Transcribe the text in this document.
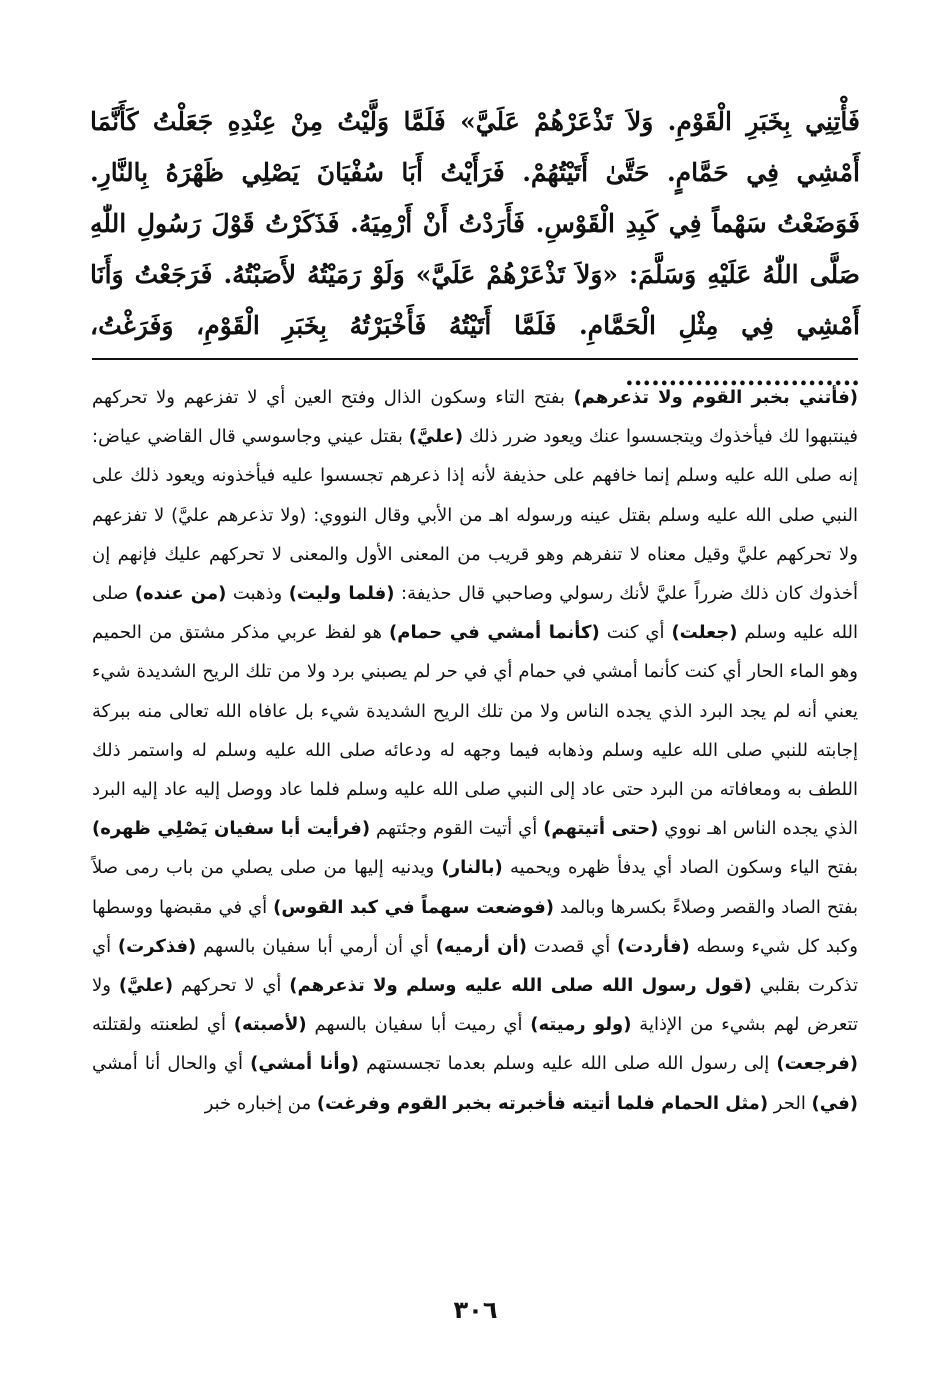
فَأْتِنِي بِخَبَرِ الْقَوْمِ. وَلاَ تَذْعَرْهُمْ عَلَيَّ» فَلَمَّا وَلَّيْتُ مِنْ عِنْدِهِ جَعَلْتُ كَأَنَّمَا أَمْشِي فِي حَمَّامٍ. حَتَّىٰ أَتَيْتُهُمْ. فَرَأَيْتُ أَبَا سُفْيَانَ يَصْلِي ظَهْرَهُ بِالنَّارِ. فَوَضَعْتُ سَهْماً فِي كَبِدِ الْقَوْسِ. فَأَرَدْتُ أَنْ أَرْمِيَهُ. فَذَكَرْتُ قَوْلَ رَسُولِ اللّٰهِ صَلَّى اللّٰهُ عَلَيْهِ وَسَلَّمَ: «وَلاَ تَذْعَرْهُمْ عَلَيَّ» وَلَوْ رَمَيْتُهُ لأَصَبْتُهُ. فَرَجَعْتُ وَأَنَا أَمْشِي فِي مِثْلِ الْحَمَّامِ. فَلَمَّا أَتَيْتُهُ فَأَخْبَرْتُهُ بِخَبَرِ الْقَوْمِ، وَفَرَغْتُ، ...........................

(فأتني بخبر القوم ولا تذعرهم) بفتح التاء وسكون الذال وفتح العين أي لا تفزعهم ولا تحركهم فينتبهوا لك فيأخذوك ويتجسسوا عنك ويعود ضرر ذلك (عليَّ) بقتل عيني وجاسوسي قال القاضي عياض: إنه صلى الله عليه وسلم إنما خافهم على حذيفة لأنه إذا ذعرهم تجسسوا عليه فيأخذونه ويعود ذلك على النبي صلى الله عليه وسلم بقتل عينه ورسوله اهـ من الأبي وقال النووي: (ولا تذعرهم عليَّ) لا تفزعهم ولا تحركهم عليَّ وقيل معناه لا تنفرهم وهو قريب من المعنى الأول والمعنى لا تحركهم عليك فإنهم إن أخذوك كان ذلك ضرراً عليَّ لأنك رسولي وصاحبي قال حذيفة: (فلما وليت) وذهبت (من عنده) صلى الله عليه وسلم (جعلت) أي كنت (كأنما أمشي في حمام) هو لفظ عربي مذكر مشتق من الحميم وهو الماء الحار أي كنت كأنما أمشي في حمام أي في حر لم يصبني برد ولا من تلك الريح الشديدة شيء يعني أنه لم يجد البرد الذي يجده الناس ولا من تلك الريح الشديدة شيء بل عافاه الله تعالى منه ببركة إجابته للنبي صلى الله عليه وسلم وذهابه فيما وجهه له ودعائه صلى الله عليه وسلم له واستمر ذلك اللطف به ومعافاته من البرد حتى عاد إلى النبي صلى الله عليه وسلم فلما عاد ووصل إليه عاد إليه البرد الذي يجده الناس اهـ نووي (حتى أتيتهم) أي أتيت القوم وجئتهم (فرأيت أبا سفيان يَصْلِي ظهره) بفتح الياء وسكون الصاد أي يدفأ ظهره ويحميه (بالنار) ويدنيه إليها من صلى يصلي من باب رمى صلاً بفتح الصاد والقصر وصلاءً بكسرها وبالمد (فوضعت سهماً في كبد القوس) أي في مقبضها ووسطها وكبد كل شيء وسطه (فأردت) أي قصدت (أن أرميه) أي أن أرمي أبا سفيان بالسهم (فذكرت) أي تذكرت بقلبي (قول رسول الله صلى الله عليه وسلم ولا تذعرهم) أي لا تحركهم (عليَّ) ولا تتعرض لهم بشيء من الإذاية (ولو رميته) أي رميت أبا سفيان بالسهم (لأصبته) أي لطعنته ولقتلته (فرجعت) إلى رسول الله صلى الله عليه وسلم بعدما تجسستهم (وأنا أمشي) أي والحال أنا أمشي (في) الحر (مثل الحمام فلما أتيته فأخبرته بخبر القوم وفرغت) من إخباره خبر

٣٠٦
